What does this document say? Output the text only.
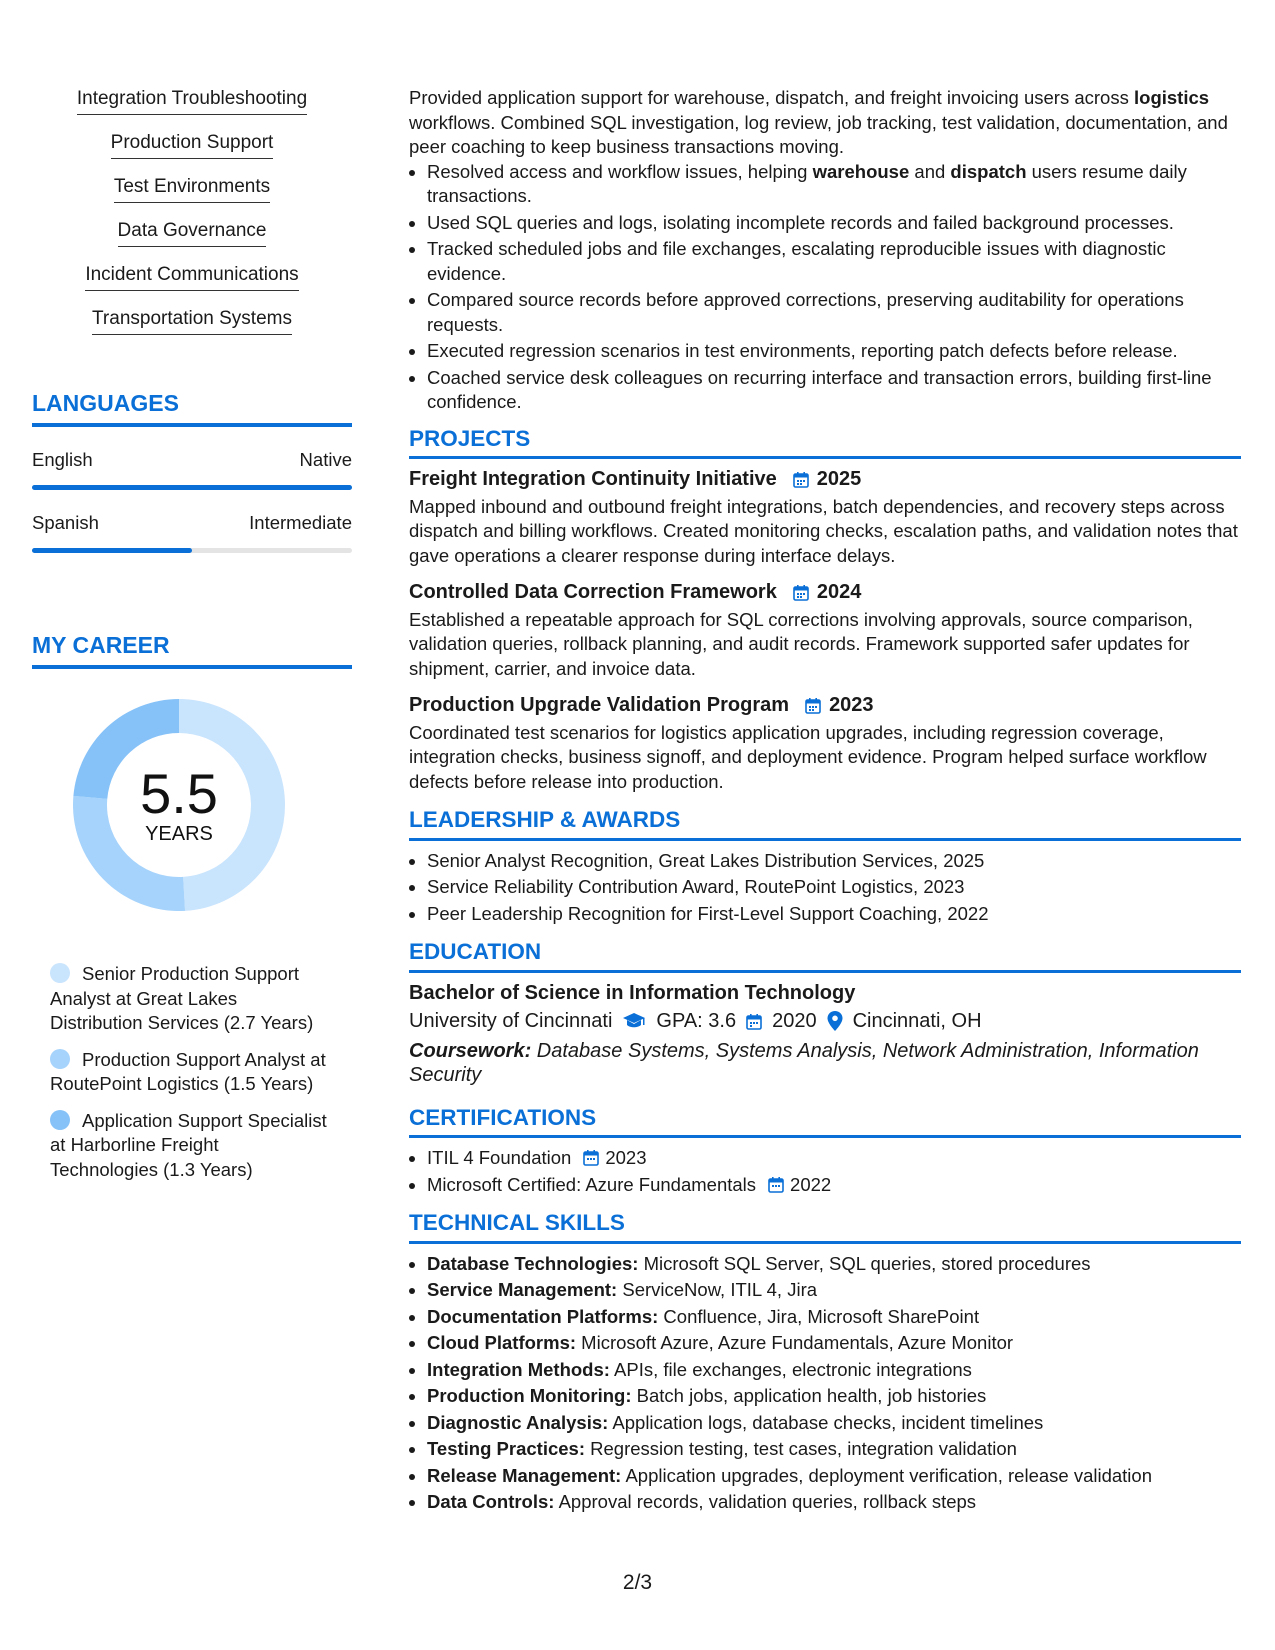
Integration Troubleshooting
Production Support
Test Environments
Data Governance
Incident Communications
Transportation Systems
LANGUAGES
English	Native
Spanish	Intermediate
MY CAREER
5.5
YEARS
Senior Production Support Analyst at Great Lakes Distribution Services (2.7 Years)
Production Support Analyst at RoutePoint Logistics (1.5 Years)
Application Support Specialist at Harborline Freight Technologies (1.3 Years)

Provided application support for warehouse, dispatch, and freight invoicing users across logistics workflows. Combined SQL investigation, log review, job tracking, test validation, documentation, and peer coaching to keep business transactions moving.

• Resolved access and workflow issues, helping warehouse and dispatch users resume daily transactions.
• Used SQL queries and logs, isolating incomplete records and failed background processes.
• Tracked scheduled jobs and file exchanges, escalating reproducible issues with diagnostic evidence.
• Compared source records before approved corrections, preserving auditability for operations requests.
• Executed regression scenarios in test environments, reporting patch defects before release.
• Coached service desk colleagues on recurring interface and transaction errors, building first-line confidence.
PROJECTS
Freight Integration Continuity Initiative 2025

Mapped inbound and outbound freight integrations, batch dependencies, and recovery steps across dispatch and billing workflows. Created monitoring checks, escalation paths, and validation notes that gave operations a clearer response during interface delays.

Controlled Data Correction Framework 2024

Established a repeatable approach for SQL corrections involving approvals, source comparison, validation queries, rollback planning, and audit records. Framework supported safer updates for shipment, carrier, and invoice data.

Production Upgrade Validation Program 2023

Coordinated test scenarios for logistics application upgrades, including regression coverage, integration checks, business signoff, and deployment evidence. Program helped surface workflow defects before release into production.

LEADERSHIP & AWARDS
• Senior Analyst Recognition, Great Lakes Distribution Services, 2025
• Service Reliability Contribution Award, RoutePoint Logistics, 2023
• Peer Leadership Recognition for First-Level Support Coaching, 2022
EDUCATION
Bachelor of Science in Information Technology
University of Cincinnati GPA: 3.6 2020 Cincinnati, OH
Coursework: Database Systems, Systems Analysis, Network Administration, Information Security
CERTIFICATIONS
• ITIL 4 Foundation 2023
• Microsoft Certified: Azure Fundamentals 2022
TECHNICAL SKILLS
• Database Technologies: Microsoft SQL Server, SQL queries, stored procedures
• Service Management: ServiceNow, ITIL 4, Jira
• Documentation Platforms: Confluence, Jira, Microsoft SharePoint
• Cloud Platforms: Microsoft Azure, Azure Fundamentals, Azure Monitor
• Integration Methods: APIs, file exchanges, electronic integrations
• Production Monitoring: Batch jobs, application health, job histories
• Diagnostic Analysis: Application logs, database checks, incident timelines
• Testing Practices: Regression testing, test cases, integration validation
• Release Management: Application upgrades, deployment verification, release validation
• Data Controls: Approval records, validation queries, rollback steps
2/3
